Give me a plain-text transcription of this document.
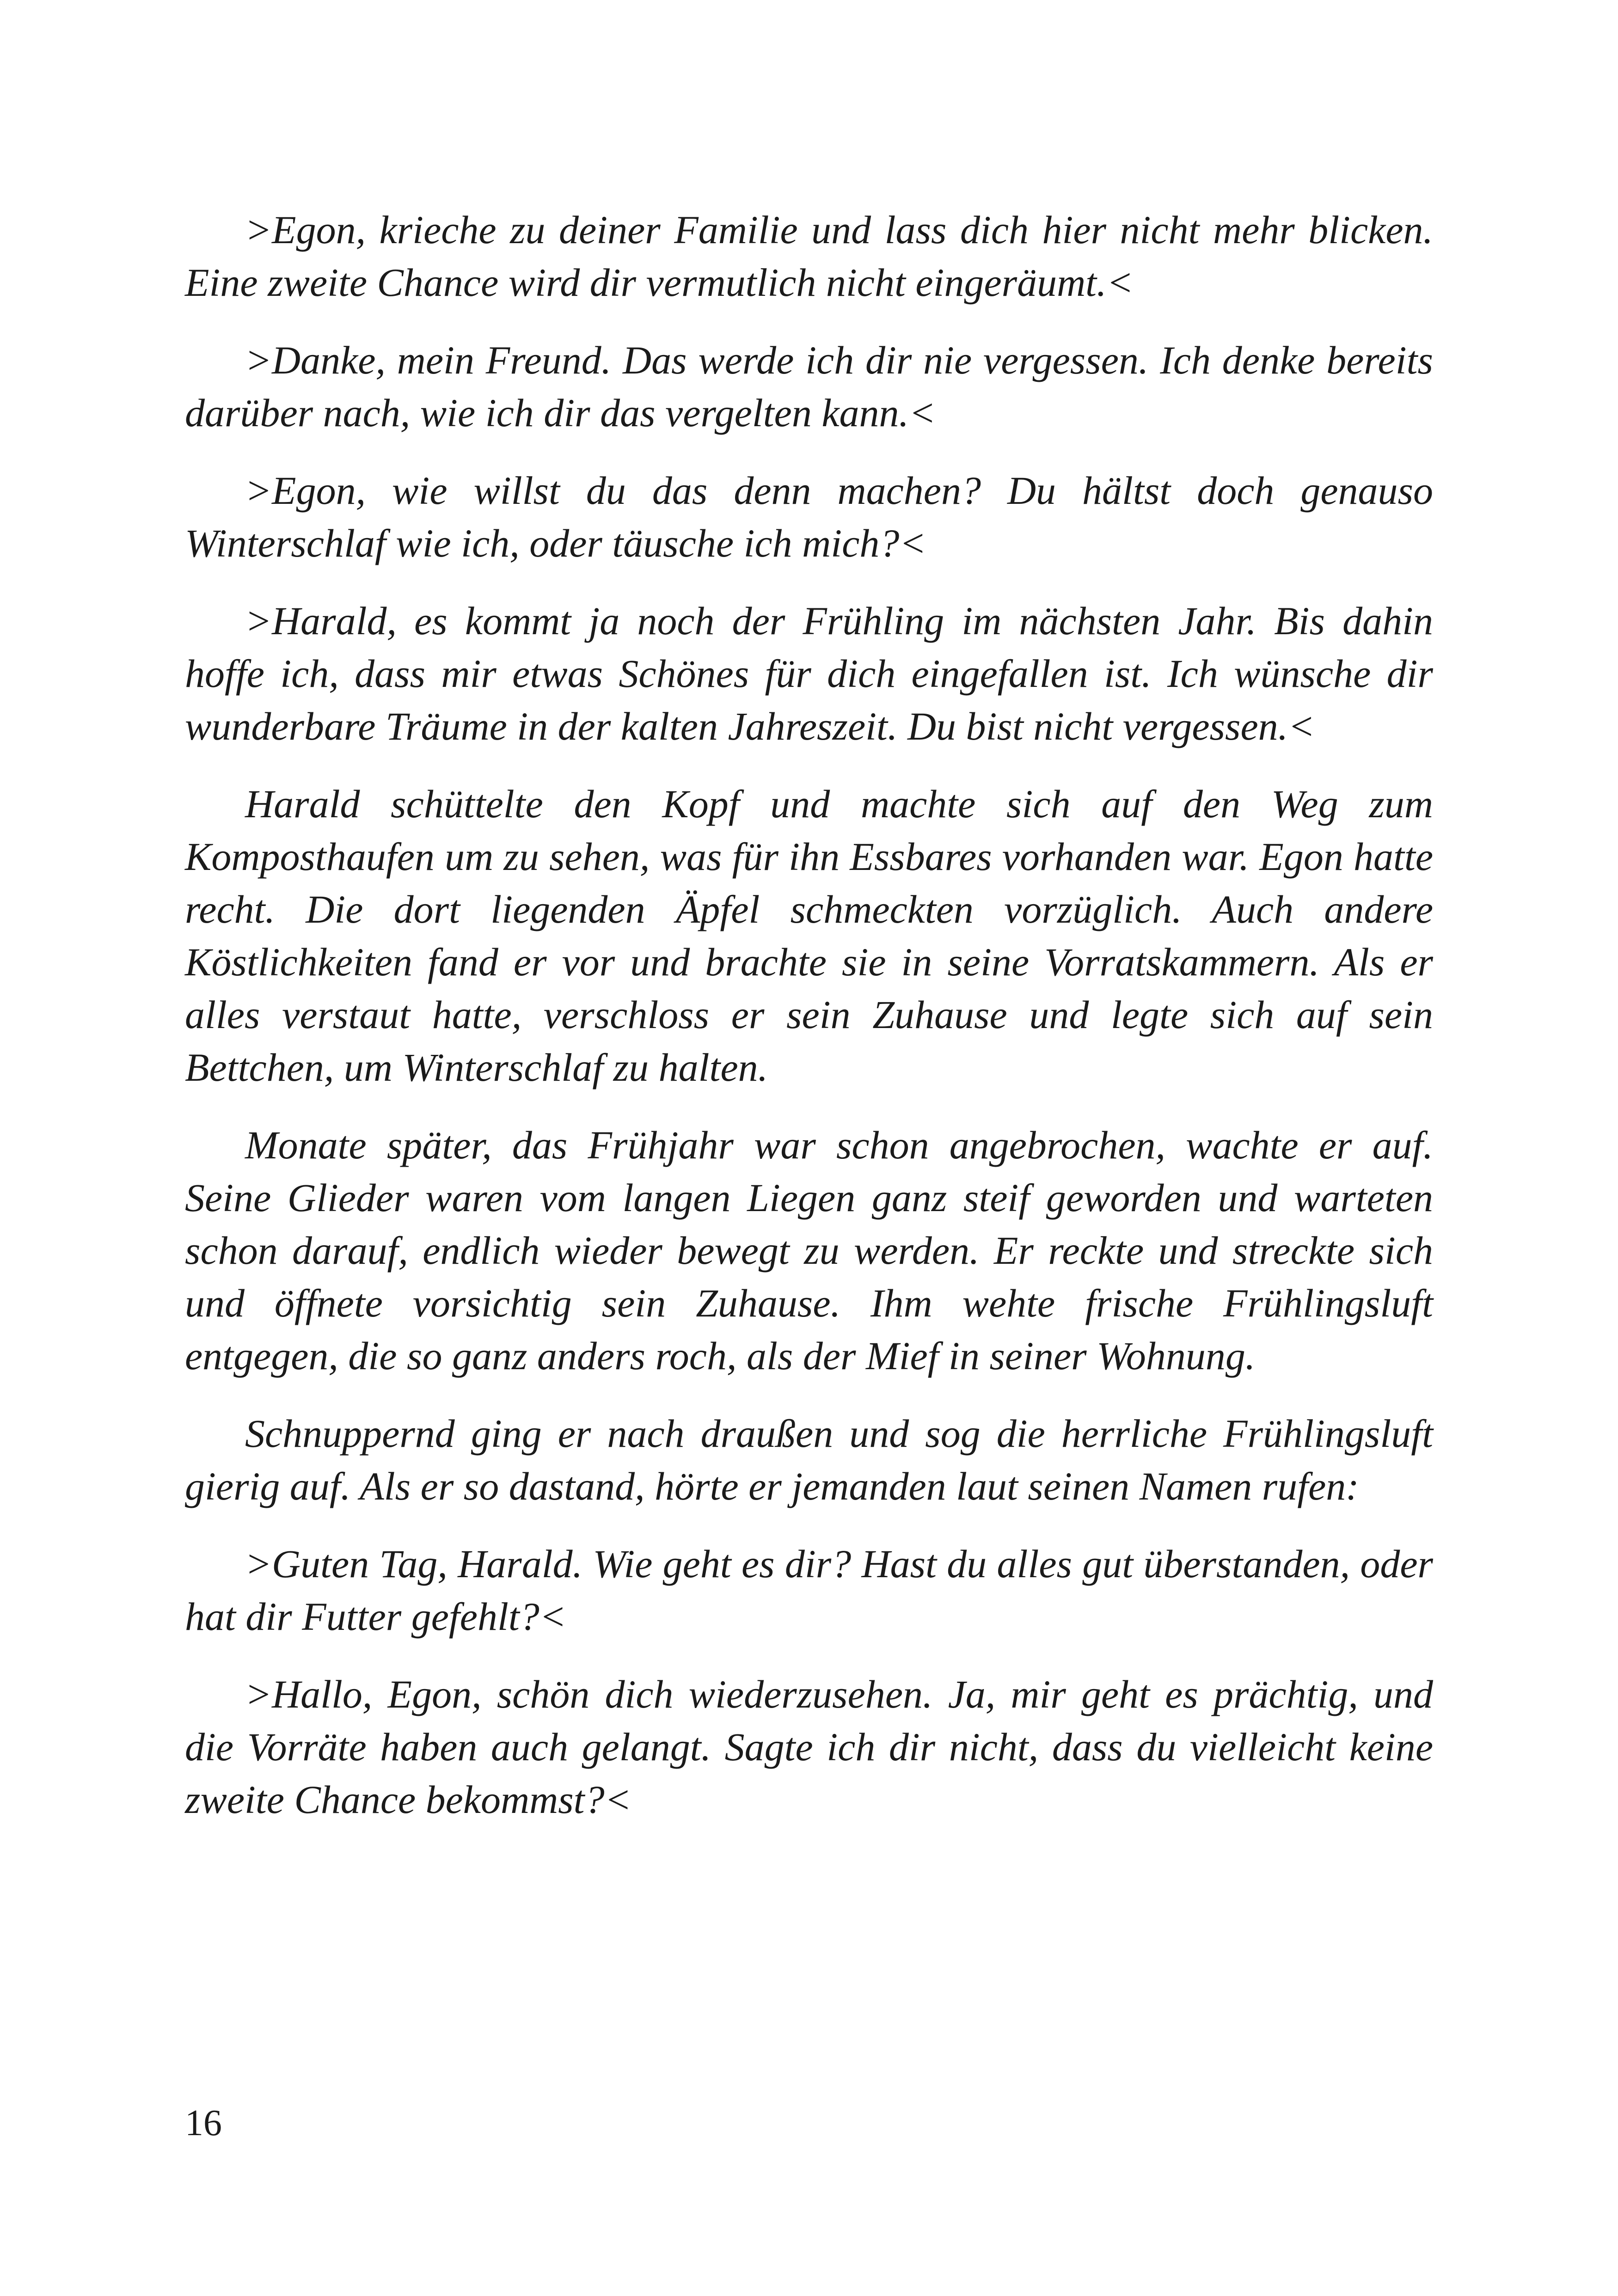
>Egon, krieche zu deiner Familie und lass dich hier nicht mehr blicken. Eine zweite Chance wird dir vermutlich nicht eingeräumt.<

>Danke, mein Freund. Das werde ich dir nie vergessen. Ich denke bereits darüber nach, wie ich dir das vergelten kann.<

>Egon, wie willst du das denn machen? Du hältst doch genauso Winterschlaf wie ich, oder täusche ich mich?<

>Harald, es kommt ja noch der Frühling im nächsten Jahr. Bis dahin hoffe ich, dass mir etwas Schönes für dich eingefallen ist. Ich wünsche dir wunderbare Träume in der kalten Jahreszeit. Du bist nicht vergessen.<

Harald schüttelte den Kopf und machte sich auf den Weg zum Komposthaufen um zu sehen, was für ihn Essbares vorhanden war. Egon hatte recht. Die dort liegenden Äpfel schmeckten vorzüglich. Auch andere Köstlichkeiten fand er vor und brachte sie in seine Vorratskammern. Als er alles verstaut hatte, verschloss er sein Zuhause und legte sich auf sein Bettchen, um Winterschlaf zu halten.

Monate später, das Frühjahr war schon angebrochen, wachte er auf. Seine Glieder waren vom langen Liegen ganz steif geworden und warteten schon darauf, endlich wieder bewegt zu werden. Er reckte und streckte sich und öffnete vorsichtig sein Zuhause. Ihm wehte frische Frühlingsluft entgegen, die so ganz anders roch, als der Mief in seiner Wohnung.

Schnuppernd ging er nach draußen und sog die herrliche Frühlingsluft gierig auf. Als er so dastand, hörte er jemanden laut seinen Namen rufen:

>Guten Tag, Harald. Wie geht es dir? Hast du alles gut überstanden, oder hat dir Futter gefehlt?<

>Hallo, Egon, schön dich wiederzusehen. Ja, mir geht es prächtig, und die Vorräte haben auch gelangt. Sagte ich dir nicht, dass du vielleicht keine zweite Chance bekommst?<

16
